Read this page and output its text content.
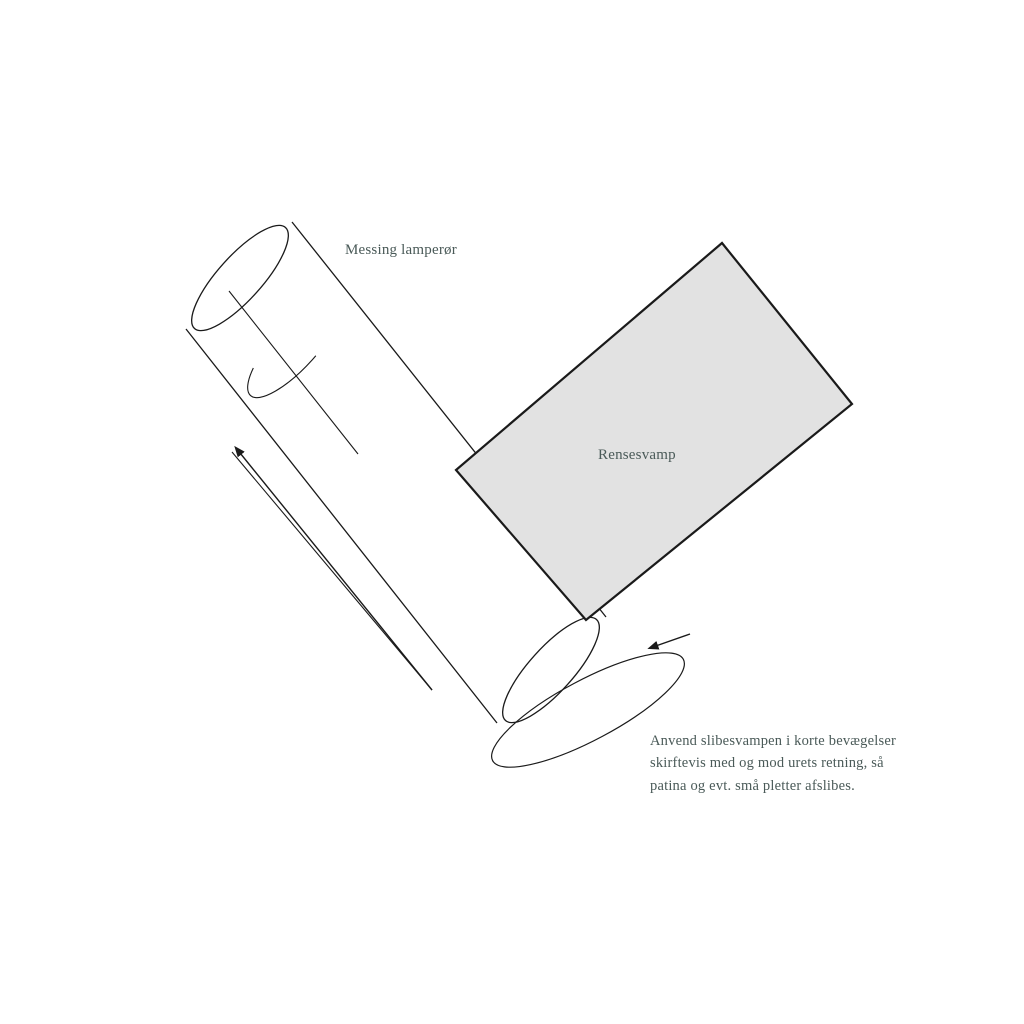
Messing lamperør
Rensesvamp
Anvend slibesvampen i korte bevægelser skirftevis med og mod urets retning, så patina og evt. små pletter afslibes.
